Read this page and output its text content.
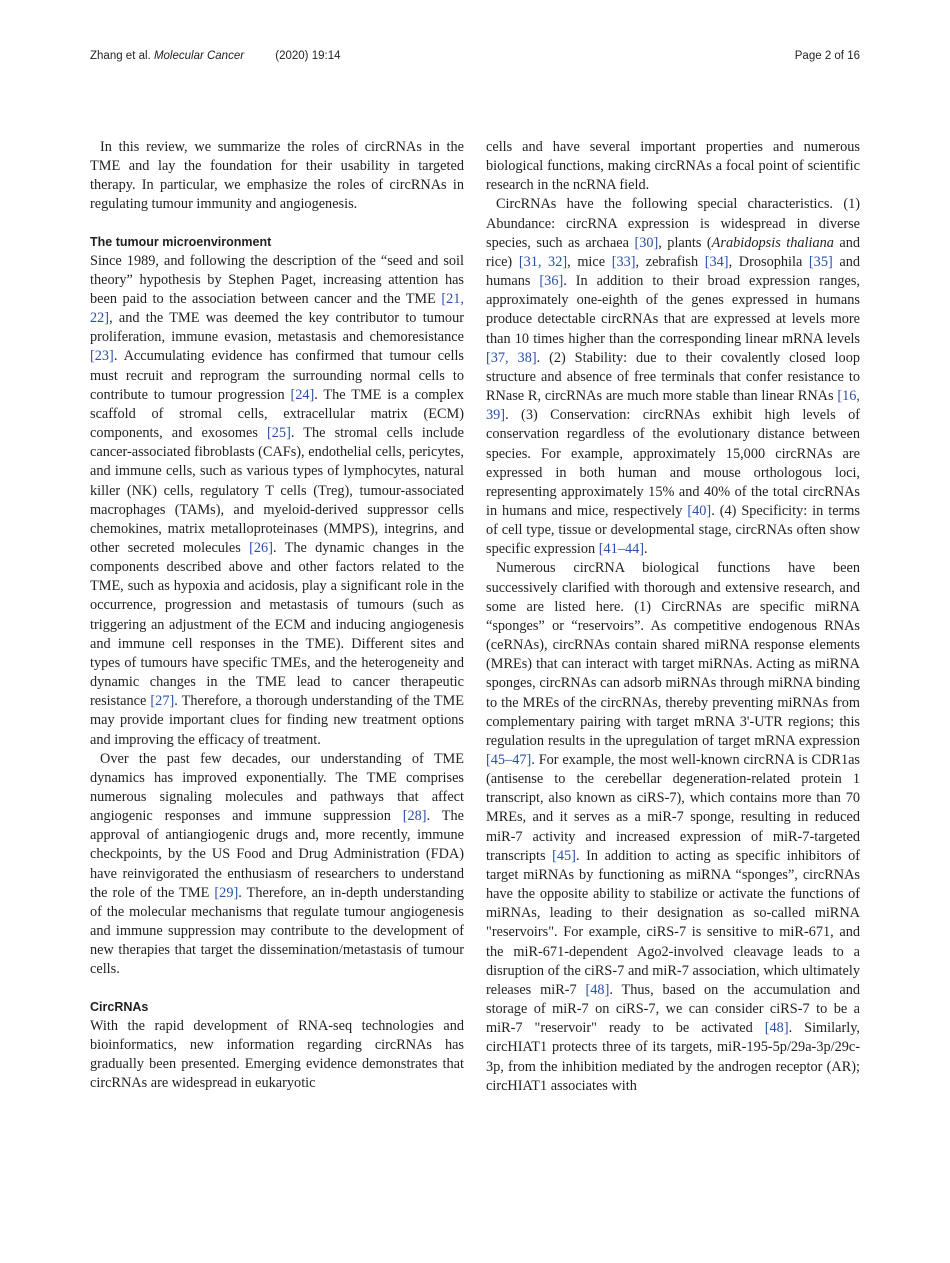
Zhang et al. Molecular Cancer	(2020) 19:14	Page 2 of 16

In this review, we summarize the roles of circRNAs in the TME and lay the foundation for their usability in targeted therapy. In particular, we emphasize the roles of circRNAs in regulating tumour immunity and angiogenesis.

The tumour microenvironment

Since 1989, and following the description of the “seed and soil theory” hypothesis by Stephen Paget, increasing attention has been paid to the association between cancer and the TME [21, 22], and the TME was deemed the key contributor to tumour proliferation, immune evasion, metastasis and chemoresistance [23]. Accumulating evidence has confirmed that tumour cells must recruit and reprogram the surrounding normal cells to contribute to tumour progression [24]. The TME is a complex scaffold of stromal cells, extracellular matrix (ECM) components, and exosomes [25]. The stromal cells include cancer-associated fibroblasts (CAFs), endothelial cells, pericytes, and immune cells, such as various types of lymphocytes, natural killer (NK) cells, regulatory T cells (Treg), tumour-associated macrophages (TAMs), and myeloid-derived suppressor cells chemokines, matrix metalloproteinases (MMPS), integrins, and other secreted molecules [26]. The dynamic changes in the components described above and other factors related to the TME, such as hypoxia and acidosis, play a significant role in the occurrence, progression and metastasis of tumours (such as triggering an adjustment of the ECM and inducing angiogenesis and immune cell responses in the TME). Different sites and types of tumours have specific TMEs, and the heterogeneity and dynamic changes in the TME lead to cancer therapeutic resistance [27]. Therefore, a thorough understanding of the TME may provide important clues for finding new treatment options and improving the efficacy of treatment.

Over the past few decades, our understanding of TME dynamics has improved exponentially. The TME comprises numerous signaling molecules and pathways that affect angiogenic responses and immune suppression [28]. The approval of antiangiogenic drugs and, more recently, immune checkpoints, by the US Food and Drug Administration (FDA) have reinvigorated the enthusiasm of researchers to understand the role of the TME [29]. Therefore, an in-depth understanding of the molecular mechanisms that regulate tumour angiogenesis and immune suppression may contribute to the development of new therapies that target the dissemination/metastasis of tumour cells.

CircRNAs

With the rapid development of RNA-seq technologies and bioinformatics, new information regarding circRNAs has gradually been presented. Emerging evidence demonstrates that circRNAs are widespread in eukaryotic

cells and have several important properties and numerous biological functions, making circRNAs a focal point of scientific research in the ncRNA field.

CircRNAs have the following special characteristics. (1) Abundance: circRNA expression is widespread in diverse species, such as archaea [30], plants (Arabidopsis thaliana and rice) [31, 32], mice [33], zebrafish [34], Drosophila [35] and humans [36]. In addition to their broad expression ranges, approximately one-eighth of the genes expressed in humans produce detectable circRNAs that are expressed at levels more than 10 times higher than the corresponding linear mRNA levels [37, 38]. (2) Stability: due to their covalently closed loop structure and absence of free terminals that confer resistance to RNase R, circRNAs are much more stable than linear RNAs [16, 39]. (3) Conservation: circRNAs exhibit high levels of conservation regardless of the evolutionary distance between species. For example, approximately 15,000 circRNAs are expressed in both human and mouse orthologous loci, representing approximately 15% and 40% of the total circRNAs in humans and mice, respectively [40]. (4) Specificity: in terms of cell type, tissue or developmental stage, circRNAs often show specific expression [41–44].

Numerous circRNA biological functions have been successively clarified with thorough and extensive research, and some are listed here. (1) CircRNAs are specific miRNA “sponges” or “reservoirs”. As competitive endogenous RNAs (ceRNAs), circRNAs contain shared miRNA response elements (MREs) that can interact with target miRNAs. Acting as miRNA sponges, circRNAs can adsorb miRNAs through miRNA binding to the MREs of the circRNAs, thereby preventing miRNAs from complementary pairing with target mRNA 3'-UTR regions; this regulation results in the upregulation of target mRNA expression [45–47]. For example, the most well-known circRNA is CDR1as (antisense to the cerebellar degeneration-related protein 1 transcript, also known as ciRS-7), which contains more than 70 MREs, and it serves as a miR-7 sponge, resulting in reduced miR-7 activity and increased expression of miR-7-targeted transcripts [45]. In addition to acting as specific inhibitors of target miRNAs by functioning as miRNA “sponges”, circRNAs have the opposite ability to stabilize or activate the functions of miRNAs, leading to their designation as so-called miRNA "reservoirs". For example, ciRS-7 is sensitive to miR-671, and the miR-671-dependent Ago2-involved cleavage leads to a disruption of the ciRS-7 and miR-7 association, which ultimately releases miR-7 [48]. Thus, based on the accumulation and storage of miR-7 on ciRS-7, we can consider ciRS-7 to be a miR-7 "reservoir" ready to be activated [48]. Similarly, circHIAT1 protects three of its targets, miR-195-5p/29a-3p/29c-3p, from the inhibition mediated by the androgen receptor (AR); circHIAT1 associates with
